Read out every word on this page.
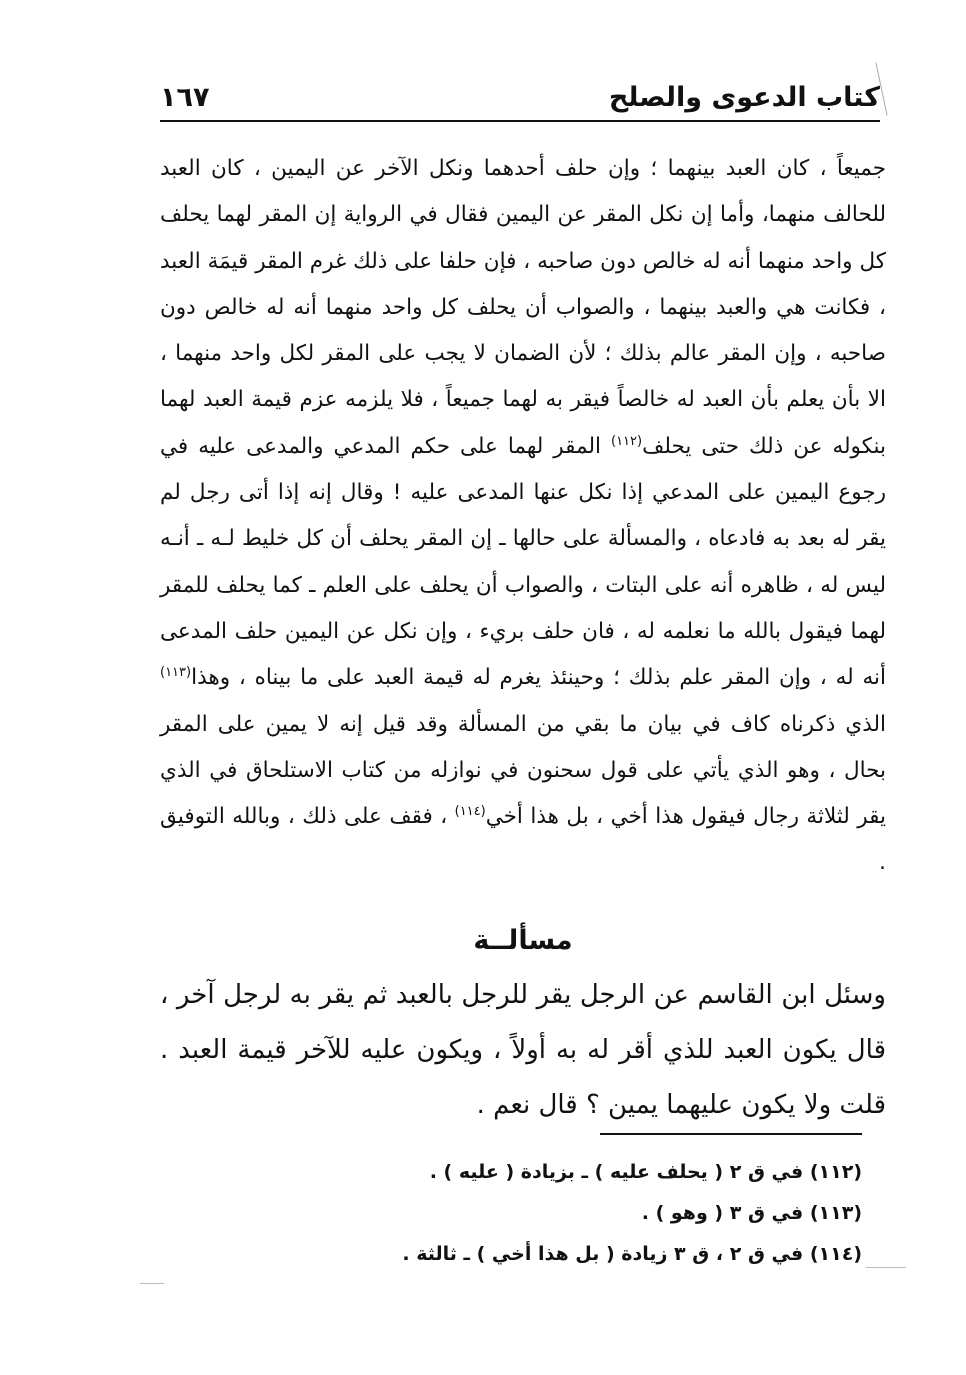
كتاب الدعوى والصلح
١٦٧

جميعاً ، كان العبد بينهما ؛ وإن حلف أحدهما ونكل الآخر عن اليمين ، كان العبد للحالف منهما، وأما إن نكل المقر عن اليمين فقال في الرواية إن المقر لهما يحلف كل واحد منهما أنه له خالص دون صاحبه ، فإن حلفا على ذلك غرم المقر قيمَة العبد ، فكانت هي والعبد بينهما ، والصواب أن يحلف كل واحد منهما أنه له خالص دون صاحبه ، وإن المقر عالم بذلك ؛ لأن الضمان لا يجب على المقر لكل واحد منهما ، الا بأن يعلم بأن العبد له خالصاً فيقر به لهما جميعاً ، فلا يلزمه عزم قيمة العبد لهما بنكوله عن ذلك حتى يحلف$^{(١١٢)}$ المقر لهما على حكم المدعي والمدعى عليه في رجوع اليمين على المدعي إذا نكل عنها المدعى عليه ! وقال إنه إذا أتى رجل لم يقر له بعد به فادعاه ، والمسألة على حالها ـ إن المقر يحلف أن كل خليط لـه ـ أنـه ليس له ، ظاهره أنه على البتات ، والصواب أن يحلف على العلم ـ كما يحلف للمقر لهما فيقول بالله ما نعلمه له ، فان حلف بريء ، وإن نكل عن اليمين حلف المدعى أنه له ، وإن المقر علم بذلك ؛ وحينئذ يغرم له قيمة العبد على ما بيناه ، وهذا$^{(١١٣)}$ الذي ذكرناه كاف في بيان ما بقي من المسألة وقد قيل إنه لا يمين على المقر بحال ، وهو الذي يأتي على قول سحنون في نوازله من كتاب الاستلحاق في الذي يقر لثلاثة رجال فيقول هذا أخي ، بل هذا أخي$^{(١١٤)}$ ، فقف على ذلك ، وبالله التوفيق .

مسألــة

وسئل ابن القاسم عن الرجل يقر للرجل بالعبد ثم يقر به لرجل آخر ، قال يكون العبد للذي أقر له به أولاً ، ويكون عليه للآخر قيمة العبد . قلت ولا يكون عليهما يمين ؟ قال نعم .

(١١٢) في ق ٢ ( يحلف عليه ) ـ بزيادة ( عليه ) .

(١١٣) في ق ٣ ( وهو ) .

(١١٤) في ق ٢ ، ق ٣ زيادة ( بل هذا أخي ) ـ ثالثة .
